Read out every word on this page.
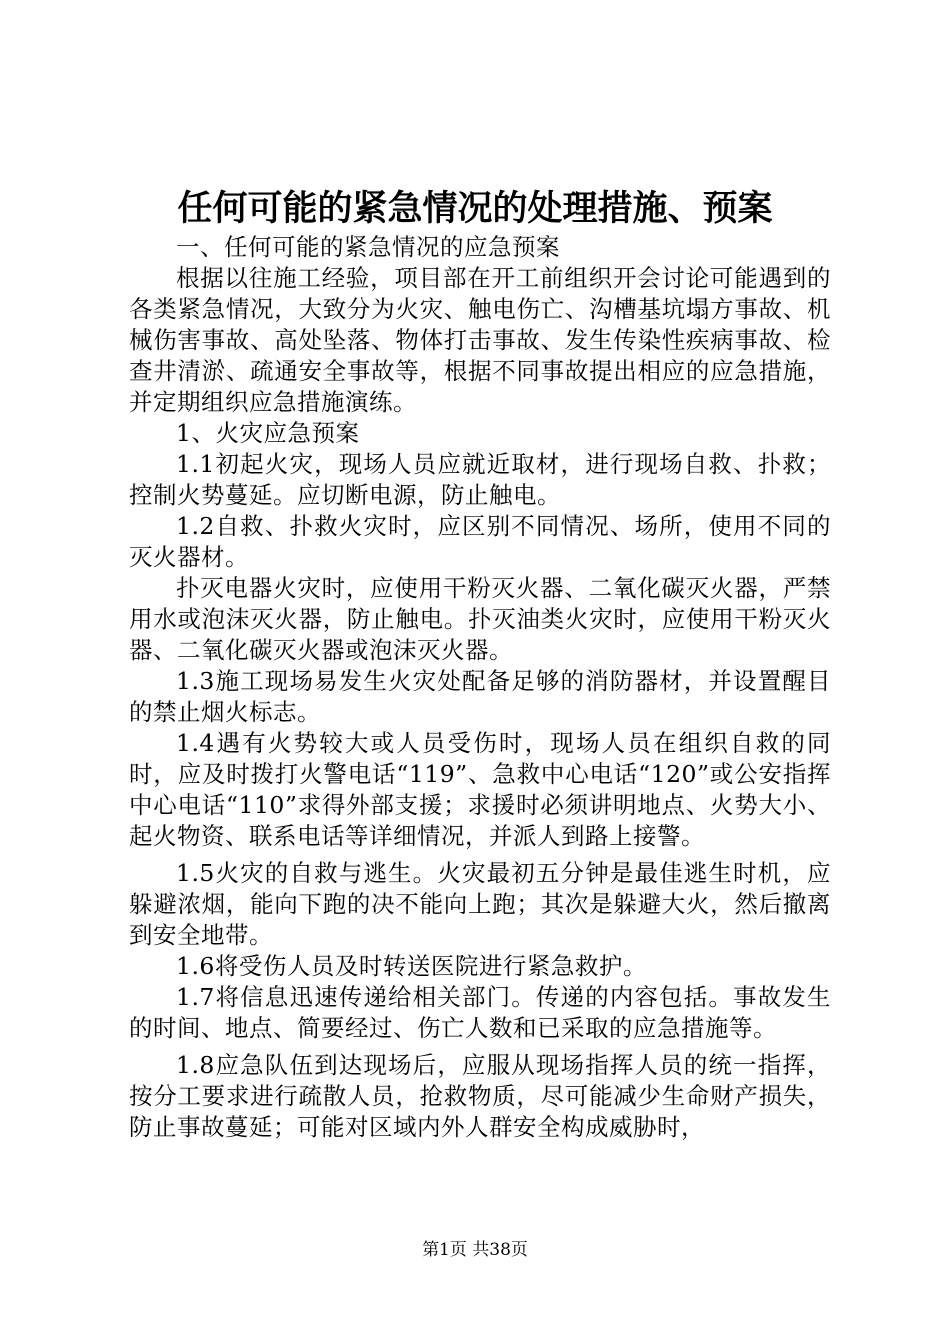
任何可能的紧急情况的处理措施、预案

一、任何可能的紧急情况的应急预案

根据以往施工经验，项目部在开工前组织开会讨论可能遇到的各类紧急情况，大致分为火灾、触电伤亡、沟槽基坑塌方事故、机械伤害事故、高处坠落、物体打击事故、发生传染性疾病事故、检查井清淤、疏通安全事故等，根据不同事故提出相应的应急措施，并定期组织应急措施演练。

1、火灾应急预案

1.1初起火灾，现场人员应就近取材，进行现场自救、扑救；控制火势蔓延。应切断电源，防止触电。

1.2自救、扑救火灾时，应区别不同情况、场所，使用不同的灭火器材。

扑灭电器火灾时，应使用干粉灭火器、二氧化碳灭火器，严禁用水或泡沫灭火器，防止触电。扑灭油类火灾时，应使用干粉灭火器、二氧化碳灭火器或泡沫灭火器。

1.3施工现场易发生火灾处配备足够的消防器材，并设置醒目的禁止烟火标志。

1.4遇有火势较大或人员受伤时，现场人员在组织自救的同时，应及时拨打火警电话“119”、急救中心电话“120”或公安指挥中心电话“110”求得外部支援；求援时必须讲明地点、火势大小、起火物资、联系电话等详细情况，并派人到路上接警。

1.5火灾的自救与逃生。火灾最初五分钟是最佳逃生时机，应躲避浓烟，能向下跑的决不能向上跑；其次是躲避大火，然后撤离到安全地带。

1.6将受伤人员及时转送医院进行紧急救护。

1.7将信息迅速传递给相关部门。传递的内容包括。事故发生的时间、地点、简要经过、伤亡人数和已采取的应急措施等。

1.8应急队伍到达现场后，应服从现场指挥人员的统一指挥，按分工要求进行疏散人员，抢救物质，尽可能减少生命财产损失，防止事故蔓延；可能对区域内外人群安全构成威胁时，

第1页 共38页
